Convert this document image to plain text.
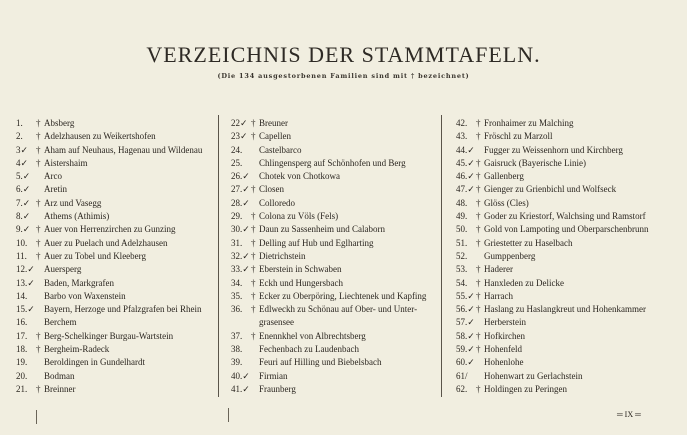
VERZEICHNIS DER STAMMTAFELN.
(Die 134 ausgestorbenen Familien sind mit † bezeichnet)
1. † Absberg
2. † Adelzhausen zu Weikertshofen
3✓ † Aham auf Neuhaus, Hagenau und Wildenau
4✓ † Aistershaim
5.✓ Arco
6.✓ Aretin
7.✓ † Arz und Vasegg
8.✓ Athems (Athimis)
9.✓ † Auer von Herrenzirchen zu Gunzing
10. † Auer zu Puelach und Adelzhausen
11. † Auer zu Tobel und Kleeberg
12.✓ Auersperg
13.✓ Baden, Markgrafen
14. Barbo von Waxenstein
15.✓ Bayern, Herzoge und Pfalzgrafen bei Rhein
16. Berchem
17. † Berg-Schelkinger Burgau-Wartstein
18. † Bergheim-Radeck
19. Beroldingen in Gundelhardt
20. Bodman
21. † Breinner
22✓ † Breuner
23✓ † Capellen
24. Castelbarco
25. Chlingensperg auf Schönhofen und Berg
26.✓ Chotek von Chotkowa
27.✓† Closen
28.✓ Colloredo
29. † Colona zu Völs (Fels)
30.✓† Daun zu Sassenheim und Calaborn
31. † Delling auf Hub und Eglharting
32.✓† Dietrichstein
33.✓† Eberstein in Schwaben
34. † Eckh und Hungersbach
35. † Ecker zu Oberpöring, Liechtenek und Kapfing
36. † Edlweckh zu Schönau auf Ober- und Unter-
grasensee
37. † Enennkhel von Albrechtsberg
38. Fechenbach zu Laudenbach
39. Feuri auf Hilling und Biebelsbach
40.✓ Firmian
41.✓ Fraunberg
42. † Fronhaimer zu Malching
43. † Fröschl zu Marzoll
44.✓ Fugger zu Weissenhorn und Kirchberg
45.✓† Gaisruck (Bayerische Linie)
46.✓† Gallenberg
47.✓† Gienger zu Grienbichl und Wolfseck
48. † Glöss (Cles)
49. † Goder zu Kriestorf, Walchsing und Ramstorf
50. † Gold von Lampoting und Oberparschenbrunn
51. † Griestetter zu Haselbach
52. Gumppenberg
53. † Haderer
54. † Hanxleden zu Delicke
55.✓† Harrach
56.✓† Haslang zu Haslangkreut und Hohenkammer
57.✓ Herberstein
58.✓† Hofkirchen
59.✓† Hohenfeld
60.✓ Hohenlohe
61/ Hohenwart zu Gerlachstein
62. † Holdingen zu Peringen
═ IX ═
